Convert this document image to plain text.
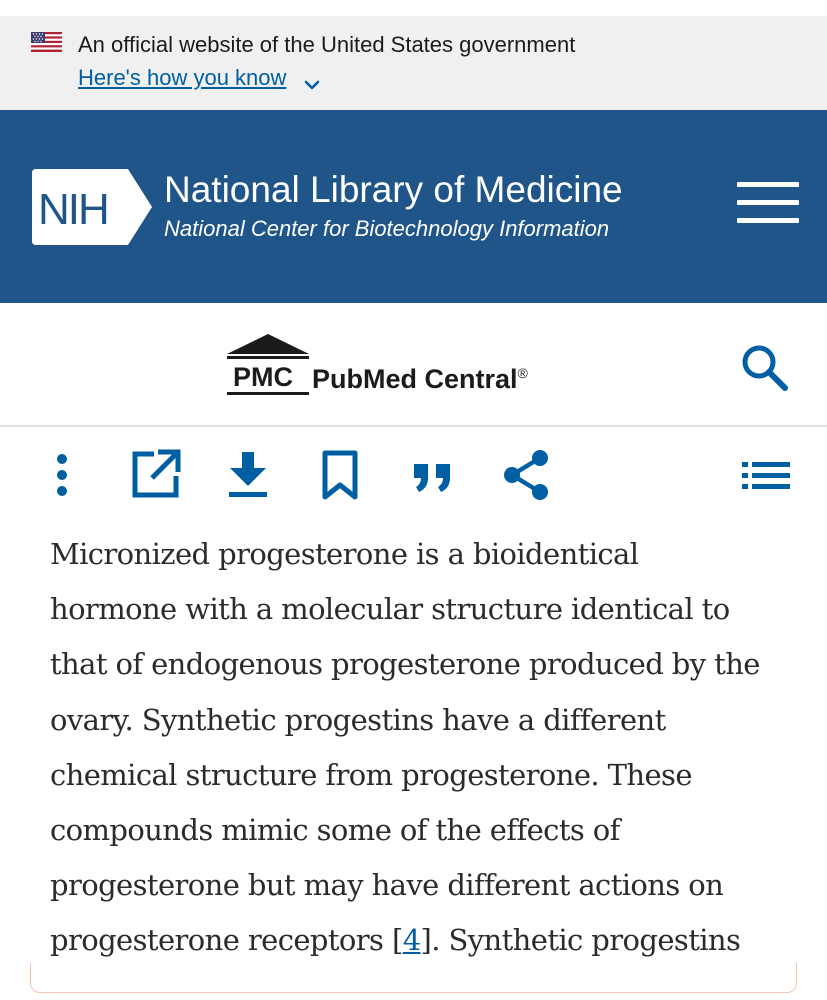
An official website of the United States government
Here's how you know
NIH National Library of Medicine
National Center for Biotechnology Information
PMC PubMed Central®

Micronized progesterone is a bioidentical

hormone with a molecular structure identical to

that of endogenous progesterone produced by the

ovary. Synthetic progestins have a different

chemical structure from progesterone. These

compounds mimic some of the effects of

progesterone but may have different actions on

progesterone receptors [4]. Synthetic progestins
